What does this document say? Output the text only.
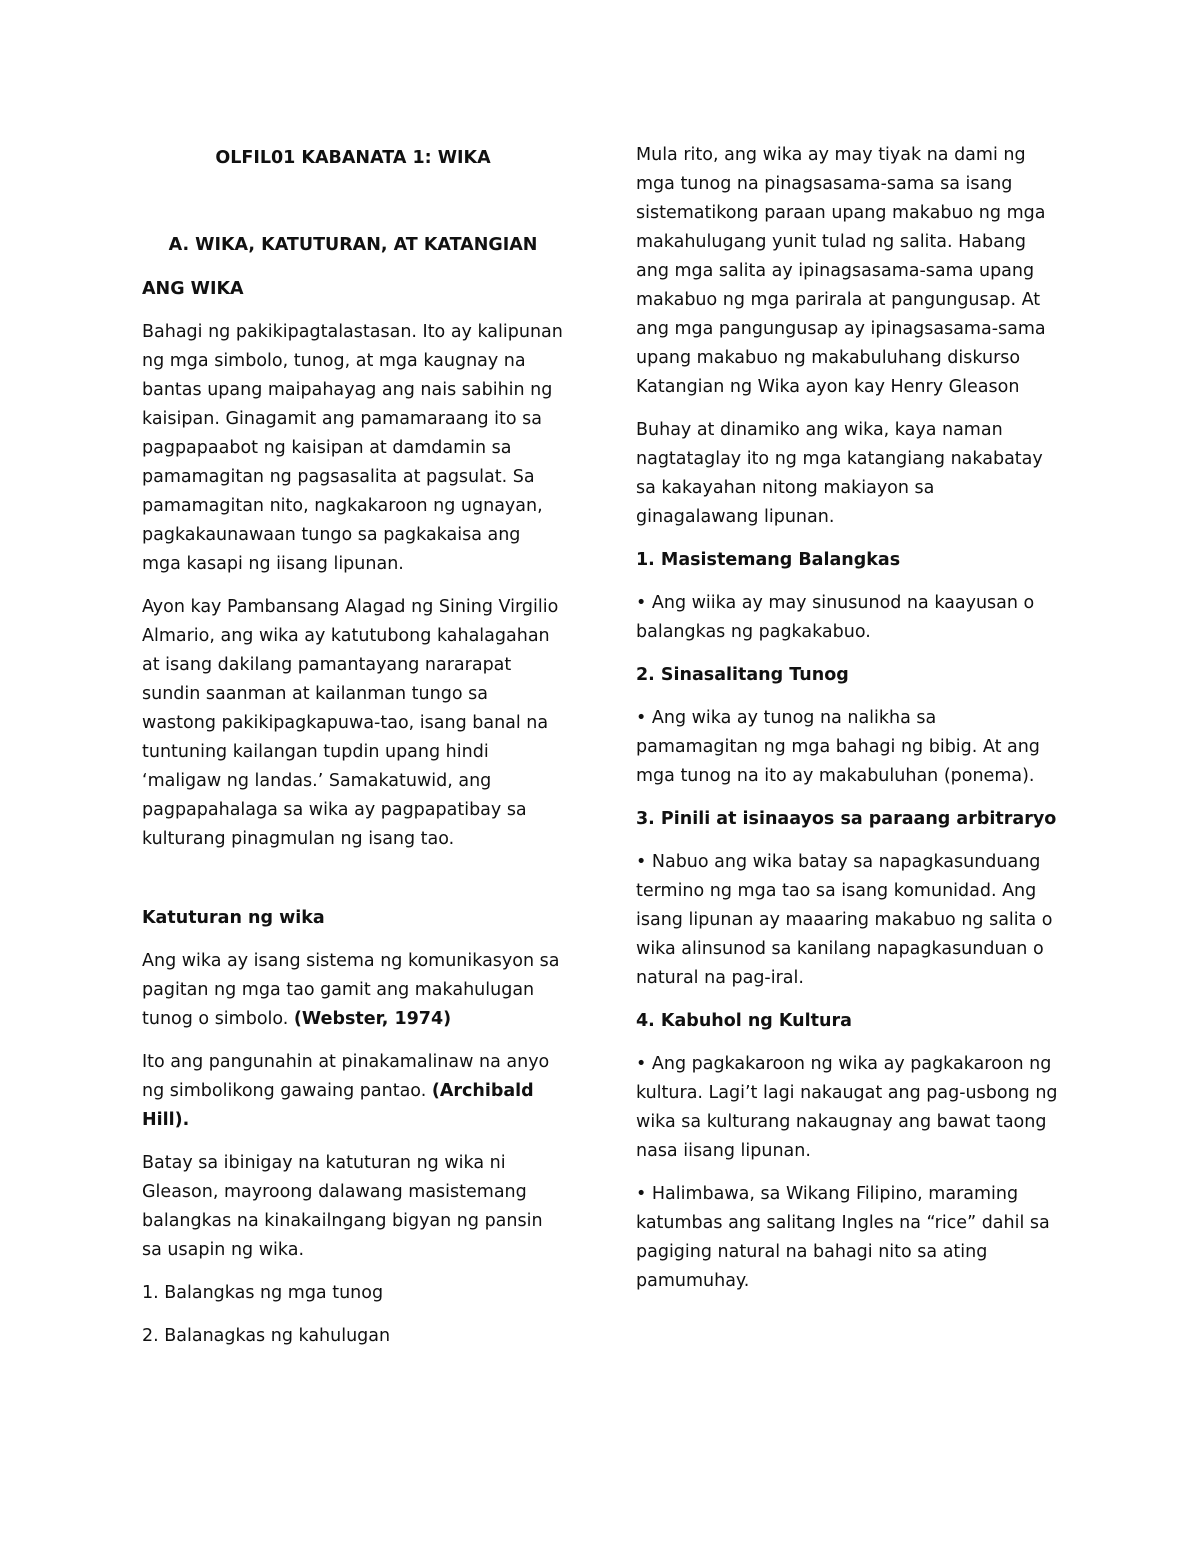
OLFIL01 KABANATA 1: WIKA

A. WIKA, KATUTURAN, AT KATANGIAN

ANG WIKA

Bahagi ng pakikipagtalastasan. Ito ay kalipunan ng mga simbolo, tunog, at mga kaugnay na bantas upang maipahayag ang nais sabihin ng kaisipan. Ginagamit ang pamamaraang ito sa pagpapaabot ng kaisipan at damdamin sa pamamagitan ng pagsasalita at pagsulat. Sa pamamagitan nito, nagkakaroon ng ugnayan, pagkakaunawaan tungo sa pagkakaisa ang mga kasapi ng iisang lipunan.

Ayon kay Pambansang Alagad ng Sining Virgilio Almario, ang wika ay katutubong kahalagahan at isang dakilang pamantayang nararapat sundin saanman at kailanman tungo sa wastong pakikipagkapuwa-tao, isang banal na tuntuning kailangan tupdin upang hindi ‘maligaw ng landas.’ Samakatuwid, ang pagpapahalaga sa wika ay pagpapatibay sa kulturang pinagmulan ng isang tao.

Katuturan ng wika

Ang wika ay isang sistema ng komunikasyon sa pagitan ng mga tao gamit ang makahulugan tunog o simbolo. (Webster, 1974)

Ito ang pangunahin at pinakamalinaw na anyo ng simbolikong gawaing pantao. (Archibald Hill).

Batay sa ibinigay na katuturan ng wika ni Gleason, mayroong dalawang masistemang balangkas na kinakailngang bigyan ng pansin sa usapin ng wika.

1. Balangkas ng mga tunog

2. Balanagkas ng kahulugan

Mula rito, ang wika ay may tiyak na dami ng mga tunog na pinagsasama-sama sa isang sistematikong paraan upang makabuo ng mga makahulugang yunit tulad ng salita. Habang ang mga salita ay ipinagsasama-sama upang makabuo ng mga parirala at pangungusap. At ang mga pangungusap ay ipinagsasama-sama upang makabuo ng makabuluhang diskurso Katangian ng Wika ayon kay Henry Gleason

Buhay at dinamiko ang wika, kaya naman nagtataglay ito ng mga katangiang nakabatay sa kakayahan nitong makiayon sa ginagalawang lipunan.

1. Masistemang Balangkas

• Ang wiika ay may sinusunod na kaayusan o balangkas ng pagkakabuo.

2. Sinasalitang Tunog

• Ang wika ay tunog na nalikha sa pamamagitan ng mga bahagi ng bibig. At ang mga tunog na ito ay makabuluhan (ponema).

3. Pinili at isinaayos sa paraang arbitraryo

• Nabuo ang wika batay sa napagkasunduang termino ng mga tao sa isang komunidad. Ang isang lipunan ay maaaring makabuo ng salita o wika alinsunod sa kanilang napagkasunduan o natural na pag-iral.

4. Kabuhol ng Kultura

• Ang pagkakaroon ng wika ay pagkakaroon ng kultura. Lagi’t lagi nakaugat ang pag-usbong ng wika sa kulturang nakaugnay ang bawat taong nasa iisang lipunan.

• Halimbawa, sa Wikang Filipino, maraming katumbas ang salitang Ingles na “rice” dahil sa pagiging natural na bahagi nito sa ating pamumuhay.
